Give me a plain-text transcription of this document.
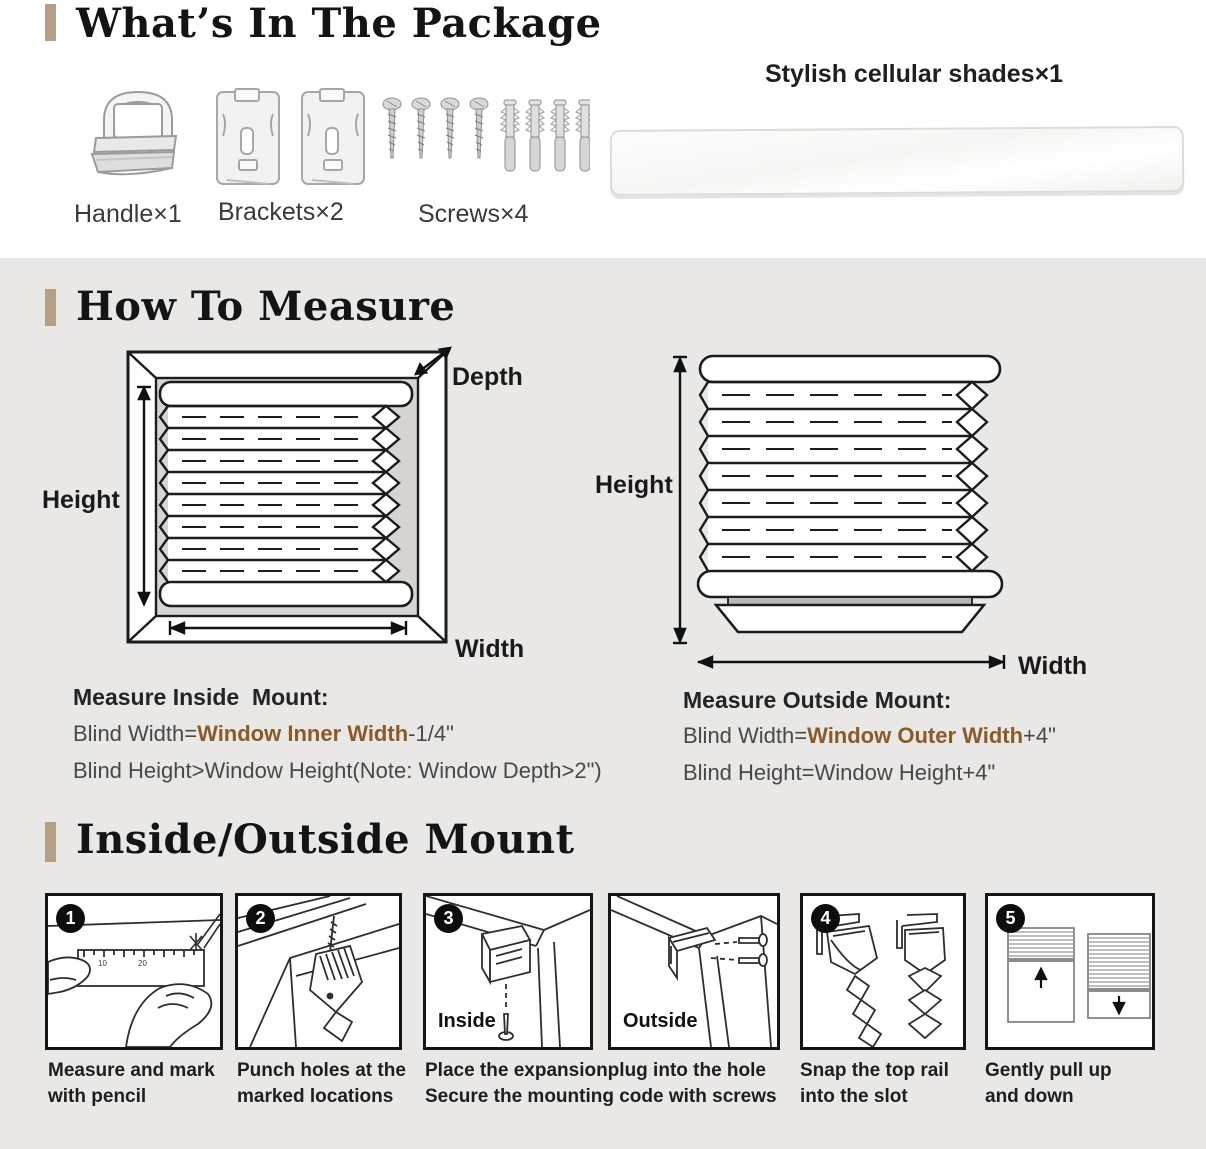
What’s In The Package
Handle×1 Brackets×2	Screws×4
Stylish cellular shades×1
How To Measure
Height
Depth
Width
Height
Width
Measure Inside  Mount:
Blind Width=Window Inner Width-1/4"
Blind Height>Window Height(Note: Window Depth>2")
Measure Outside Mount:
Blind Width=Window Outer Width+4"
Blind Height=Window Height+4"
Inside/Outside Mount
10	20
1	2	3
Inside	Outside
4	5
Measure and mark
with pencil
Punch holes at the
marked locations
Place the expansionplug into the hole
Secure the mounting code with screws
Snap the top rail
into the slot
Gently pull up
and down
